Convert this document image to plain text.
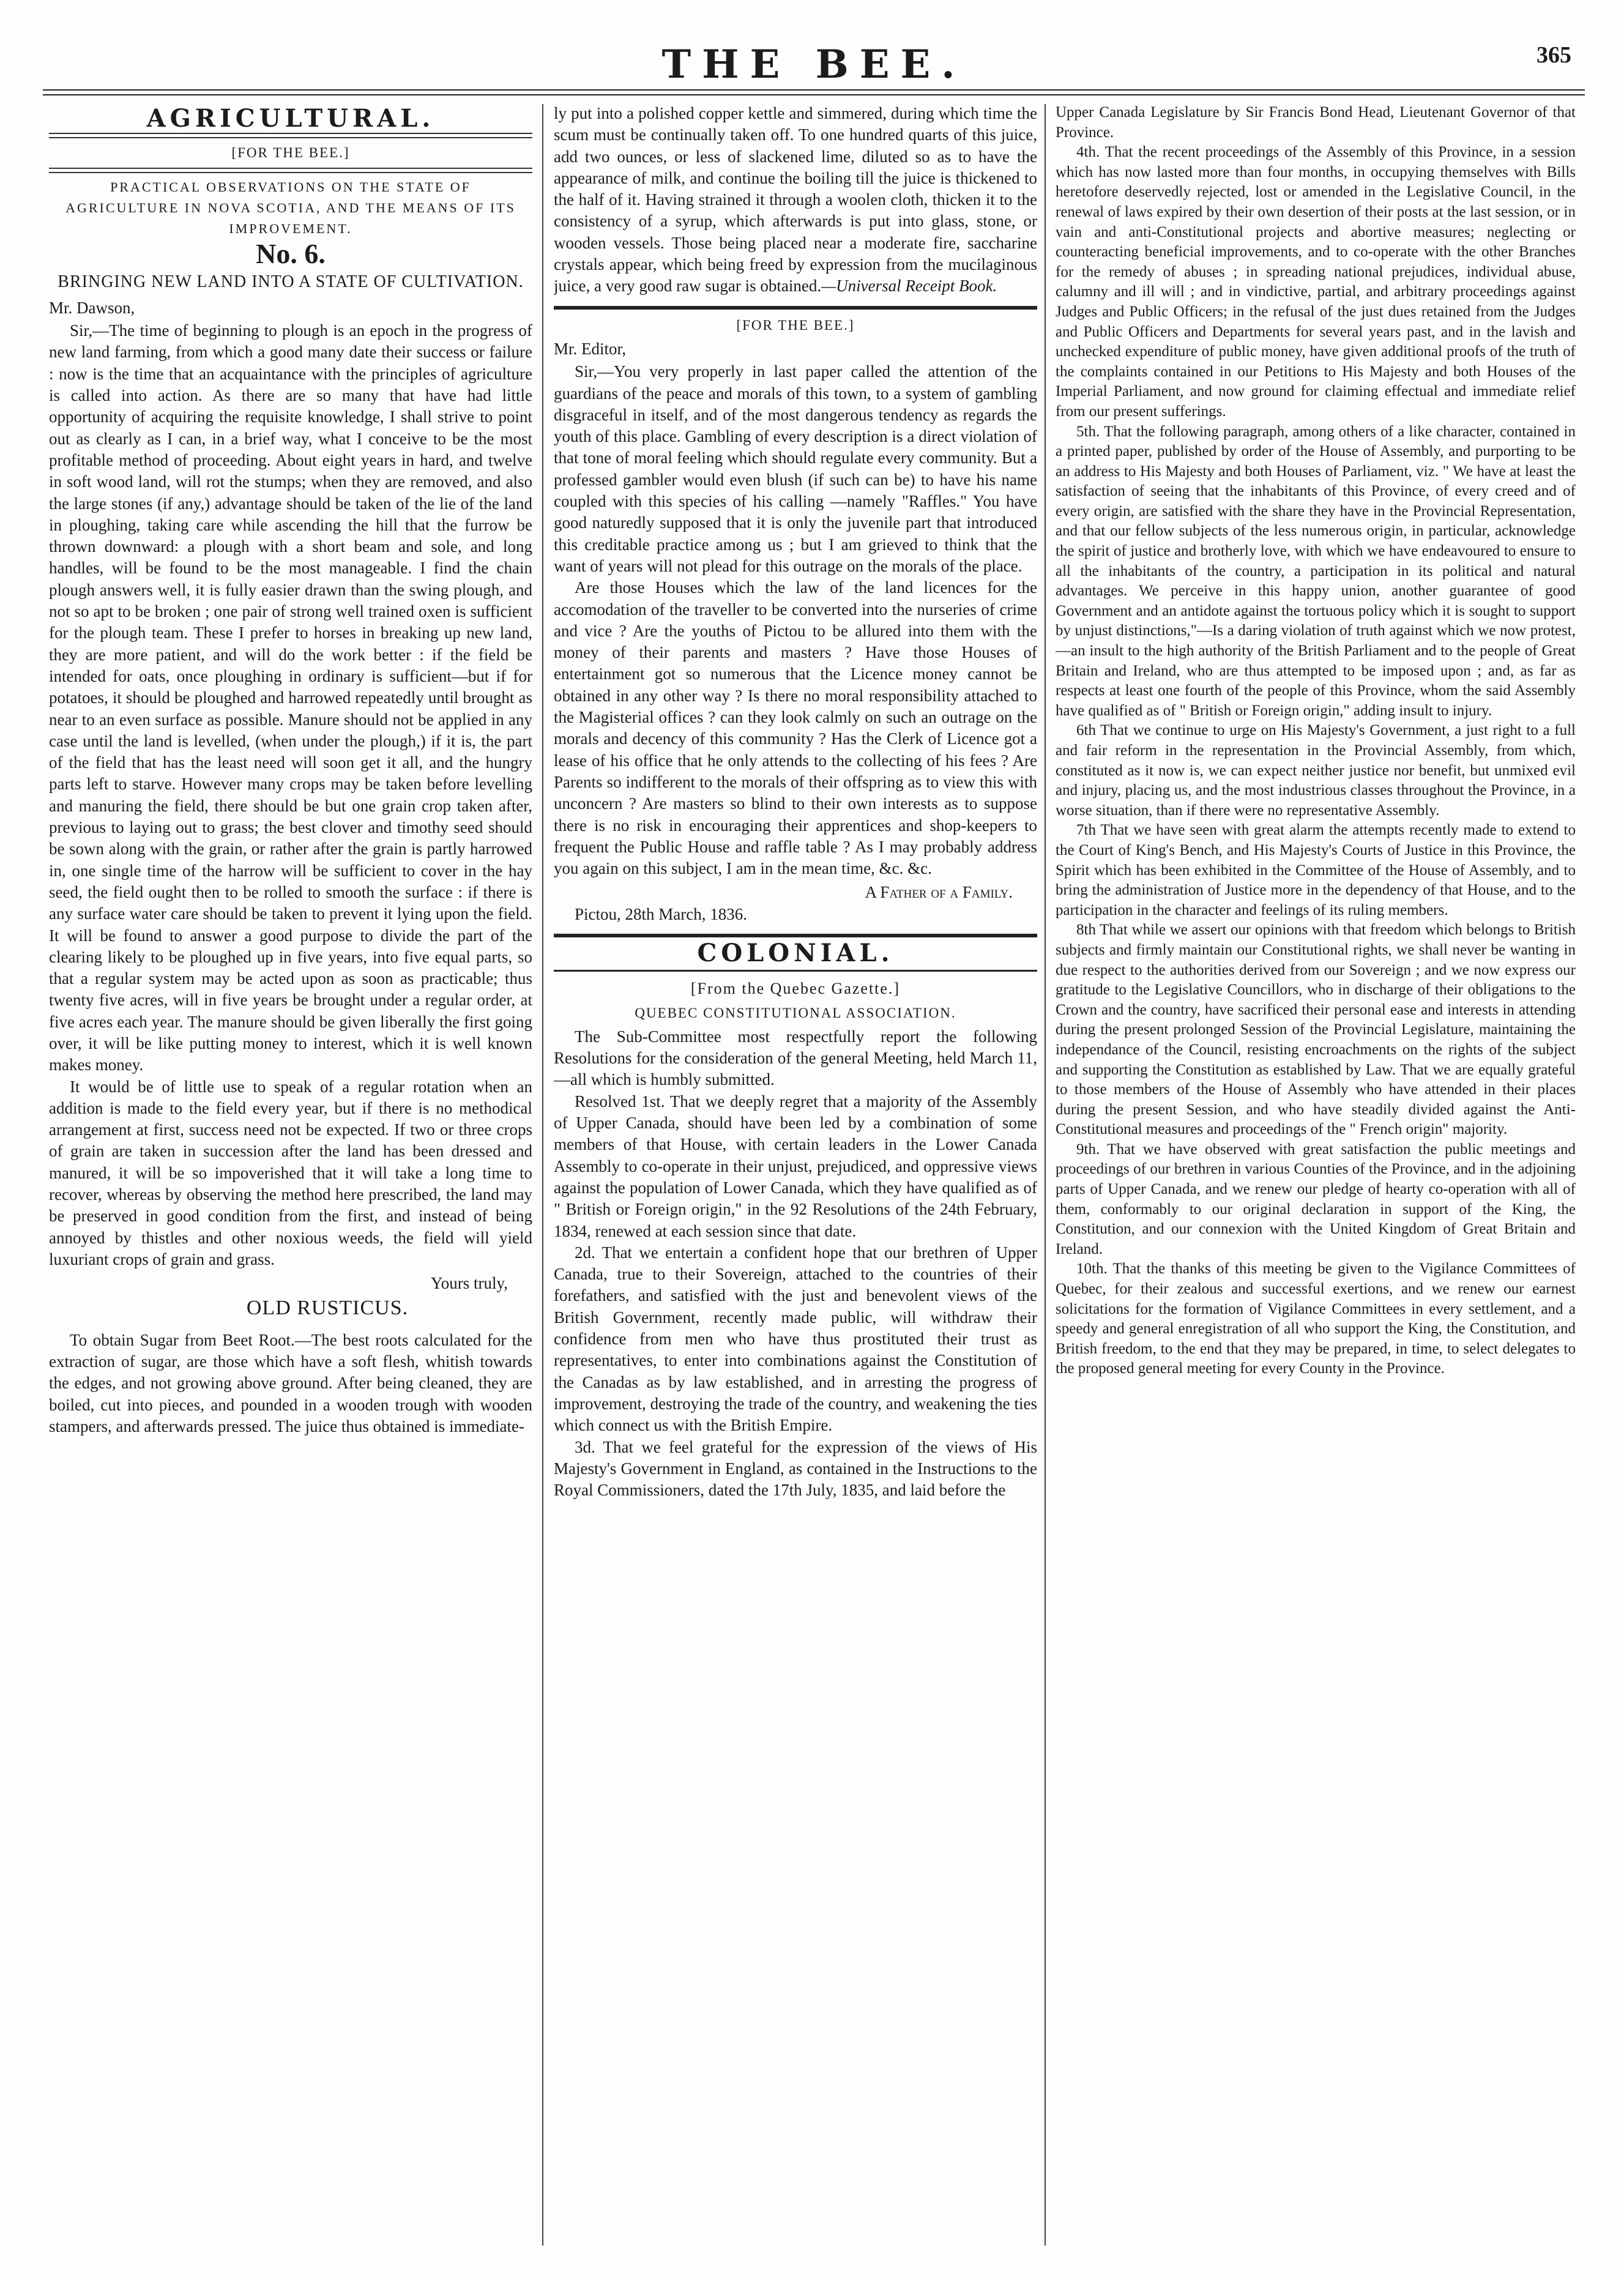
THE BEE.	365
AGRICULTURAL.
[FOR THE BEE.]
PRACTICAL OBSERVATIONS ON THE STATE OF AGRICULTURE IN NOVA SCOTIA, AND THE MEANS OF ITS IMPROVEMENT.
No. 6.
BRINGING NEW LAND INTO A STATE OF CULTIVATION.

Mr. Dawson,

Sir,—The time of beginning to plough is an epoch in the progress of new land farming, from which a good many date their success or failure : now is the time that an acquaintance with the principles of agriculture is called into action. As there are so many that have had little opportunity of acquiring the requisite knowledge, I shall strive to point out as clearly as I can, in a brief way, what I conceive to be the most profitable method of proceeding. About eight years in hard, and twelve in soft wood land, will rot the stumps; when they are removed, and also the large stones (if any,) advantage should be taken of the lie of the land in ploughing, taking care while ascending the hill that the furrow be thrown downward: a plough with a short beam and sole, and long handles, will be found to be the most manageable. I find the chain plough answers well, it is fully easier drawn than the swing plough, and not so apt to be broken ; one pair of strong well trained oxen is sufficient for the plough team. These I prefer to horses in breaking up new land, they are more patient, and will do the work better : if the field be intended for oats, once ploughing in ordinary is sufficient—but if for potatoes, it should be ploughed and harrowed repeatedly until brought as near to an even surface as possible. Manure should not be applied in any case until the land is levelled, (when under the plough,) if it is, the part of the field that has the least need will soon get it all, and the hungry parts left to starve. However many crops may be taken before levelling and manuring the field, there should be but one grain crop taken after, previous to laying out to grass; the best clover and timothy seed should be sown along with the grain, or rather after the grain is partly harrowed in, one single time of the harrow will be sufficient to cover in the hay seed, the field ought then to be rolled to smooth the surface : if there is any surface water care should be taken to prevent it lying upon the field. It will be found to answer a good purpose to divide the part of the clearing likely to be ploughed up in five years, into five equal parts, so that a regular system may be acted upon as soon as practicable; thus twenty five acres, will in five years be brought under a regular order, at five acres each year. The manure should be given liberally the first going over, it will be like putting money to interest, which it is well known makes money.

It would be of little use to speak of a regular rotation when an addition is made to the field every year, but if there is no methodical arrangement at first, success need not be expected. If two or three crops of grain are taken in succession after the land has been dressed and manured, it will be so impoverished that it will take a long time to recover, whereas by observing the method here prescribed, the land may be preserved in good condition from the first, and instead of being annoyed by thistles and other noxious weeds, the field will yield luxuriant crops of grain and grass.

Yours truly,

OLD RUSTICUS.

To obtain Sugar from Beet Root.—The best roots calculated for the extraction of sugar, are those which have a soft flesh, whitish towards the edges, and not growing above ground. After being cleaned, they are boiled, cut into pieces, and pounded in a wooden trough with wooden stampers, and afterwards pressed. The juice thus obtained is immediate-

ly put into a polished copper kettle and simmered, during which time the scum must be continually taken off. To one hundred quarts of this juice, add two ounces, or less of slackened lime, diluted so as to have the appearance of milk, and continue the boiling till the juice is thickened to the half of it. Having strained it through a woolen cloth, thicken it to the consistency of a syrup, which afterwards is put into glass, stone, or wooden vessels. Those being placed near a moderate fire, saccharine crystals appear, which being freed by expression from the mucilaginous juice, a very good raw sugar is obtained.—Universal Receipt Book.

[FOR THE BEE.]

Mr. Editor,

Sir,—You very properly in last paper called the attention of the guardians of the peace and morals of this town, to a system of gambling disgraceful in itself, and of the most dangerous tendency as regards the youth of this place. Gambling of every description is a direct violation of that tone of moral feeling which should regulate every community. But a professed gambler would even blush (if such can be) to have his name coupled with this species of his calling —namely "Raffles." You have good naturedly supposed that it is only the juvenile part that introduced this creditable practice among us ; but I am grieved to think that the want of years will not plead for this outrage on the morals of the place.

Are those Houses which the law of the land licences for the accomodation of the traveller to be converted into the nurseries of crime and vice ? Are the youths of Pictou to be allured into them with the money of their parents and masters ? Have those Houses of entertainment got so numerous that the Licence money cannot be obtained in any other way ? Is there no moral responsibility attached to the Magisterial offices ? can they look calmly on such an outrage on the morals and decency of this community ? Has the Clerk of Licence got a lease of his office that he only attends to the collecting of his fees ? Are Parents so indifferent to the morals of their offspring as to view this with unconcern ? Are masters so blind to their own interests as to suppose there is no risk in encouraging their apprentices and shop-keepers to frequent the Public House and raffle table ? As I may probably address you again on this subject, I am in the mean time, &c. &c.

A Father of a Family.

Pictou, 28th March, 1836.

COLONIAL.
[From the Quebec Gazette.]
QUEBEC CONSTITUTIONAL ASSOCIATION.

The Sub-Committee most respectfully report the following Resolutions for the consideration of the general Meeting, held March 11,—all which is humbly submitted.

Resolved 1st. That we deeply regret that a majority of the Assembly of Upper Canada, should have been led by a combination of some members of that House, with certain leaders in the Lower Canada Assembly to co-operate in their unjust, prejudiced, and oppressive views against the population of Lower Canada, which they have qualified as of " British or Foreign origin," in the 92 Resolutions of the 24th February, 1834, renewed at each session since that date.

2d. That we entertain a confident hope that our brethren of Upper Canada, true to their Sovereign, attached to the countries of their forefathers, and satisfied with the just and benevolent views of the British Government, recently made public, will withdraw their confidence from men who have thus prostituted their trust as representatives, to enter into combinations against the Constitution of the Canadas as by law established, and in arresting the progress of improvement, destroying the trade of the country, and weakening the ties which connect us with the British Empire.

3d. That we feel grateful for the expression of the views of His Majesty's Government in England, as contained in the Instructions to the Royal Commissioners, dated the 17th July, 1835, and laid before the

Upper Canada Legislature by Sir Francis Bond Head, Lieutenant Governor of that Province.

4th. That the recent proceedings of the Assembly of this Province, in a session which has now lasted more than four months, in occupying themselves with Bills heretofore deservedly rejected, lost or amended in the Legislative Council, in the renewal of laws expired by their own desertion of their posts at the last session, or in vain and anti-Constitutional projects and abortive measures; neglecting or counteracting beneficial improvements, and to co-operate with the other Branches for the remedy of abuses ; in spreading national prejudices, individual abuse, calumny and ill will ; and in vindictive, partial, and arbitrary proceedings against Judges and Public Officers; in the refusal of the just dues retained from the Judges and Public Officers and Departments for several years past, and in the lavish and unchecked expenditure of public money, have given additional proofs of the truth of the complaints contained in our Petitions to His Majesty and both Houses of the Imperial Parliament, and now ground for claiming effectual and immediate relief from our present sufferings.

5th. That the following paragraph, among others of a like character, contained in a printed paper, published by order of the House of Assembly, and purporting to be an address to His Majesty and both Houses of Parliament, viz. " We have at least the satisfaction of seeing that the inhabitants of this Province, of every creed and of every origin, are satisfied with the share they have in the Provincial Representation, and that our fellow subjects of the less numerous origin, in particular, acknowledge the spirit of justice and brotherly love, with which we have endeavoured to ensure to all the inhabitants of the country, a participation in its political and natural advantages. We perceive in this happy union, another guarantee of good Government and an antidote against the tortuous policy which it is sought to support by unjust distinctions,"—Is a daring violation of truth against which we now protest,—an insult to the high authority of the British Parliament and to the people of Great Britain and Ireland, who are thus attempted to be imposed upon ; and, as far as respects at least one fourth of the people of this Province, whom the said Assembly have qualified as of " British or Foreign origin," adding insult to injury.

6th That we continue to urge on His Majesty's Government, a just right to a full and fair reform in the representation in the Provincial Assembly, from which, constituted as it now is, we can expect neither justice nor benefit, but unmixed evil and injury, placing us, and the most industrious classes throughout the Province, in a worse situation, than if there were no representative Assembly.

7th That we have seen with great alarm the attempts recently made to extend to the Court of King's Bench, and His Majesty's Courts of Justice in this Province, the Spirit which has been exhibited in the Committee of the House of Assembly, and to bring the administration of Justice more in the dependency of that House, and to the participation in the character and feelings of its ruling members.

8th That while we assert our opinions with that freedom which belongs to British subjects and firmly maintain our Constitutional rights, we shall never be wanting in due respect to the authorities derived from our Sovereign ; and we now express our gratitude to the Legislative Councillors, who in discharge of their obligations to the Crown and the country, have sacrificed their personal ease and interests in attending during the present prolonged Session of the Provincial Legislature, maintaining the independance of the Council, resisting encroachments on the rights of the subject and supporting the Constitution as established by Law. That we are equally grateful to those members of the House of Assembly who have attended in their places during the present Session, and who have steadily divided against the Anti-Constitutional measures and proceedings of the " French origin" majority.

9th. That we have observed with great satisfaction the public meetings and proceedings of our brethren in various Counties of the Province, and in the adjoining parts of Upper Canada, and we renew our pledge of hearty co-operation with all of them, conformably to our original declaration in support of the King, the Constitution, and our connexion with the United Kingdom of Great Britain and Ireland.

10th. That the thanks of this meeting be given to the Vigilance Committees of Quebec, for their zealous and successful exertions, and we renew our earnest solicitations for the formation of Vigilance Committees in every settlement, and a speedy and general enregistration of all who support the King, the Constitution, and British freedom, to the end that they may be prepared, in time, to select delegates to the proposed general meeting for every County in the Province.
